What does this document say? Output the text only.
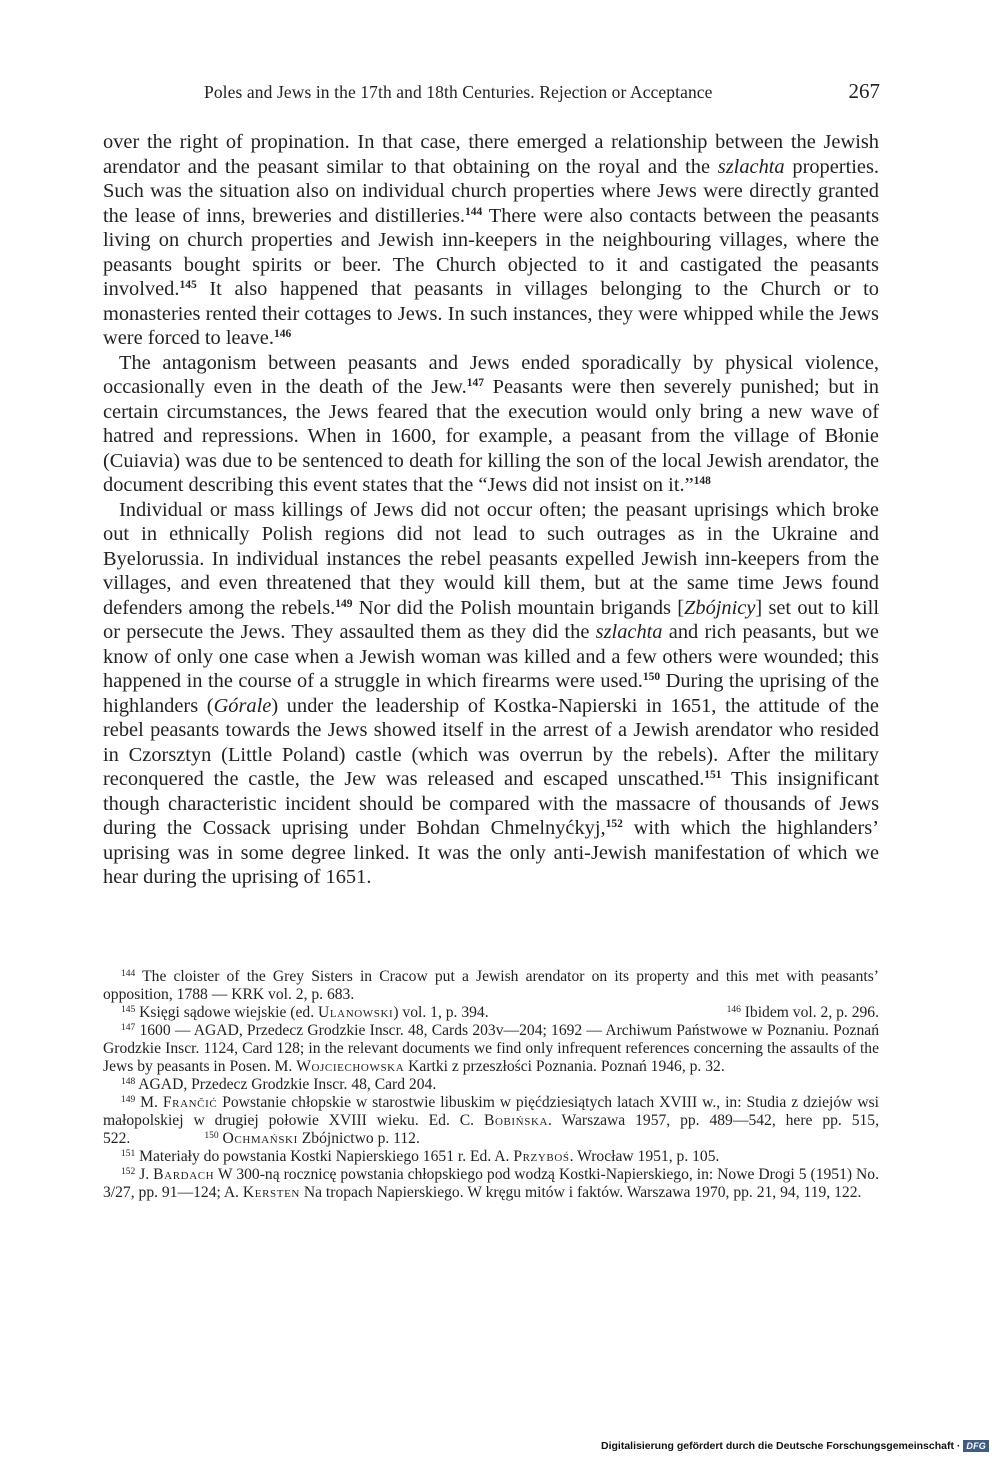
Poles and Jews in the 17th and 18th Centuries. Rejection or Acceptance	267

over the right of propination. In that case, there emerged a relationship between the Jewish arendator and the peasant similar to that obtaining on the royal and the szlachta properties. Such was the situation also on individual church properties where Jews were directly granted the lease of inns, breweries and distilleries.$^{144}$ There were also contacts between the peasants living on church properties and Jewish inn-keepers in the neighbouring villages, where the peasants bought spirits or beer. The Church objected to it and castigated the peasants involved.$^{145}$ It also happened that peasants in villages belonging to the Church or to monasteries rented their cottages to Jews. In such instances, they were whipped while the Jews were forced to leave.$^{146}$

The antagonism between peasants and Jews ended sporadically by physical violence, occasionally even in the death of the Jew.$^{147}$ Peasants were then severely punished; but in certain circumstances, the Jews feared that the execution would only bring a new wave of hatred and repressions. When in 1600, for example, a peasant from the village of Błonie (Cuiavia) was due to be sentenced to death for killing the son of the local Jewish arendator, the document describing this event states that the “Jews did not insist on it.”$^{148}$

Individual or mass killings of Jews did not occur often; the peasant uprisings which broke out in ethnically Polish regions did not lead to such outrages as in the Ukraine and Byelorussia. In individual instances the rebel peasants expelled Jewish inn-keepers from the villages, and even threatened that they would kill them, but at the same time Jews found defenders among the rebels.$^{149}$ Nor did the Polish mountain brigands [Zbójnicy] set out to kill or persecute the Jews. They assaulted them as they did the szlachta and rich peasants, but we know of only one case when a Jewish woman was killed and a few others were wounded; this happened in the course of a struggle in which firearms were used.$^{150}$ During the uprising of the highlanders (Górale) under the leadership of Kostka-Napierski in 1651, the attitude of the rebel peasants towards the Jews showed itself in the arrest of a Jewish arendator who resided in Czorsztyn (Little Poland) castle (which was overrun by the rebels). After the military reconquered the castle, the Jew was released and escaped unscathed.$^{151}$ This insignificant though characteristic incident should be compared with the massacre of thousands of Jews during the Cossack uprising under Bohdan Chmelnyćkyj,$^{152}$ with which the highlanders’ uprising was in some degree linked. It was the only anti-Jewish manifestation of which we hear during the uprising of 1651.

$^{144}$ The cloister of the Grey Sisters in Cracow put a Jewish arendator on its property and this met with peasants’ opposition, 1788 — KRK vol. 2, p. 683.

$^{145}$ Księgi sądowe wiejskie (ed. Ulanowski) vol. 1, p. 394.	$^{146}$ Ibidem vol. 2, p. 296.

$^{147}$ 1600 — AGAD, Przedecz Grodzkie Inscr. 48, Cards 203v—204; 1692 — Archiwum Państwowe w Poznaniu. Poznań Grodzkie Inscr. 1124, Card 128; in the relevant documents we find only infrequent references concerning the assaults of the Jews by peasants in Posen. M. Wojciechowska Kartki z przeszłości Poznania. Poznań 1946, p. 32.

$^{148}$ AGAD, Przedecz Grodzkie Inscr. 48, Card 204.

$^{149}$ M. Frančić Powstanie chłopskie w starostwie libuskim w pięćdziesiątych latach XVIII w., in: Studia z dziejów wsi małopolskiej w drugiej połowie XVIII wieku. Ed. C. Bobińska. Warszawa 1957, pp. 489—542, here pp. 515, 522.	$^{150}$ Ochmański Zbójnictwo p. 112.

$^{151}$ Materiały do powstania Kostki Napierskiego 1651 r. Ed. A. Przyboś. Wrocław 1951, p. 105.

$^{152}$ J. Bardach W 300-ną rocznicę powstania chłopskiego pod wodzą Kostki-Napierskiego, in: Nowe Drogi 5 (1951) No. 3/27, pp. 91—124; A. Kersten Na tropach Napierskiego. W kręgu mitów i faktów. Warszawa 1970, pp. 21, 94, 119, 122.

Digitalisierung gefördert durch die Deutsche Forschungsgemeinschaft · DFG
